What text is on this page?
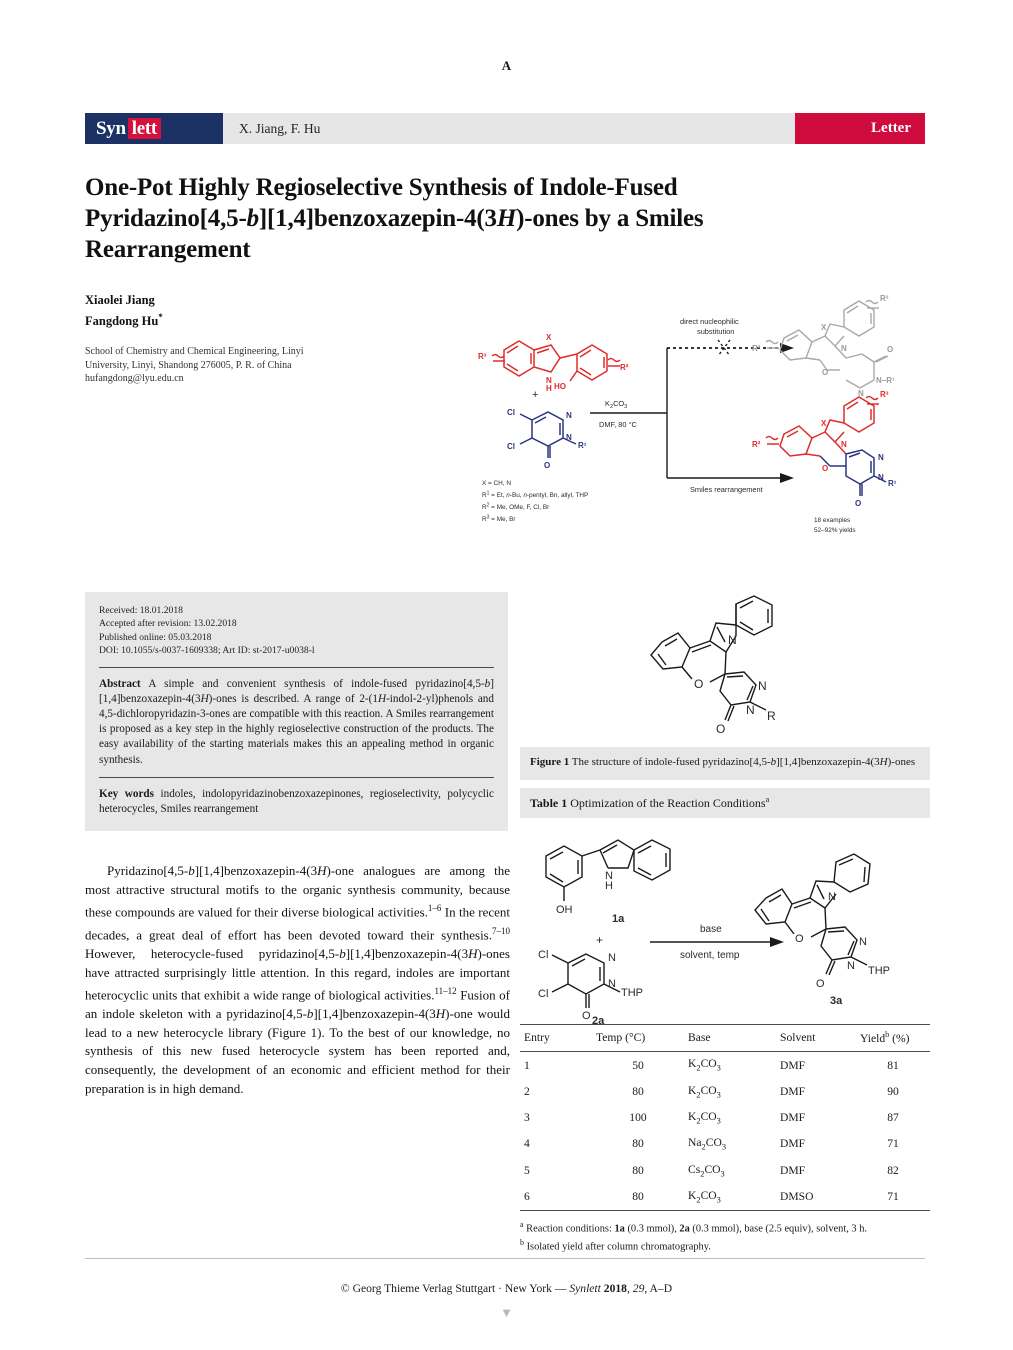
A
Syn lett	X. Jiang, F. Hu	Letter
One-Pot Highly Regioselective Synthesis of Indole-Fused
Pyridazino[4,5-b][1,4]benzoxazepin-4(3H)-ones by a Smiles
Rearrangement
Xiaolei Jiang
Fangdong Hu*
School of Chemistry and Chemical Engineering, Linyi
University, Linyi, Shandong 276005, P. R. of China
hufangdong@lyu.edu.cn
R³
X
N
H HO
R²
+
Cl
Cl
N
N
O
R¹
$K_2CO_3$
DMF, 80 °C
direct nucleophilic
substitution
Smiles rearrangement
R³
R²
X
N
O
O
N–R¹
N R³
R²
X
N
O
N
N
O
R¹
X = CH, N
$R^1 = Et$, n-Bu, n-pentyl, Bn, allyl, THP
$R^2 = Me$, OMe, F, Cl, Br
$R^3 = Me$, Br	18 examples
52–92% yields
Received: 18.01.2018
Accepted after revision: 13.02.2018
Published online: 05.03.2018
DOI: 10.1055/s-0037-1609338; Art ID: st-2017-u0038-l
Abstract A simple and convenient synthesis of indole-fused pyridazino[4,5-b][1,4]benzoxazepin-4(3H)-ones is described. A range of 2-(1H-indol-2-yl)phenols and 4,5-dichloropyridazin-3-ones are compatible with this reaction. A Smiles rearrangement is proposed as a key step in the highly regioselective construction of the products. The easy availability of the starting materials makes this an appealing method in organic synthesis.
Key words indoles, indolopyridazinobenzoxazepinones, regioselectivity, polycyclic heterocycles, Smiles rearrangement

Pyridazino[4,5-b][1,4]benzoxazepin-4(3H)-one analogues are among the most attractive structural motifs to the organic synthesis community, because these compounds are valued for their diverse biological activities.$^{1-6}$ In the recent decades, a great deal of effort has been devoted toward their synthesis.$^{7-10}$ However, heterocycle-fused pyridazino[4,5-b][1,4]benzoxazepin-4(3H)-ones have attracted surprisingly little attention. In this regard, indoles are important heterocyclic units that exhibit a wide range of biological activities.$^{11-12}$ Fusion of an indole skeleton with a pyridazino[4,5-b][1,4]benzoxazepin-4(3H)-one would lead to a new heterocycle library (Figure 1). To the best of our knowledge, no synthesis of this new fused heterocycle system has been reported and, consequently, the development of an economic and efficient method for their preparation is in high demand.

N
O	N
N R
O
Figure 1 The structure of indole-fused pyridazino[4,5-b][1,4]benzoxazepin-4(3H)-ones
Table 1 Optimization of the Reaction Conditions$^a$
OH
N
H
1a
+
Cl
Cl
N
N
O
THP
2a
base
solvent, temp
N
O	N
N THP
O
3a
Entry	Temp (°C)	Base	Solvent	Yield$^b$ (%)
1	50	$K_2CO_3$	DMF	81
2	80	$K_2CO_3$	DMF	90
3	100	$K_2CO_3$	DMF	87
4	80	$Na_2CO_3$	DMF	71
5	80	$Cs_2CO_3$	DMF	82
6	80	$K_2CO_3$	DMSO	71
$^a$ Reaction conditions: 1a (0.3 mmol), 2a (0.3 mmol), base (2.5 equiv), solvent, 3 h.
$^b$ Isolated yield after column chromatography.
© Georg Thieme Verlag Stuttgart · New York — Synlett 2018, 29, A–D
▼
